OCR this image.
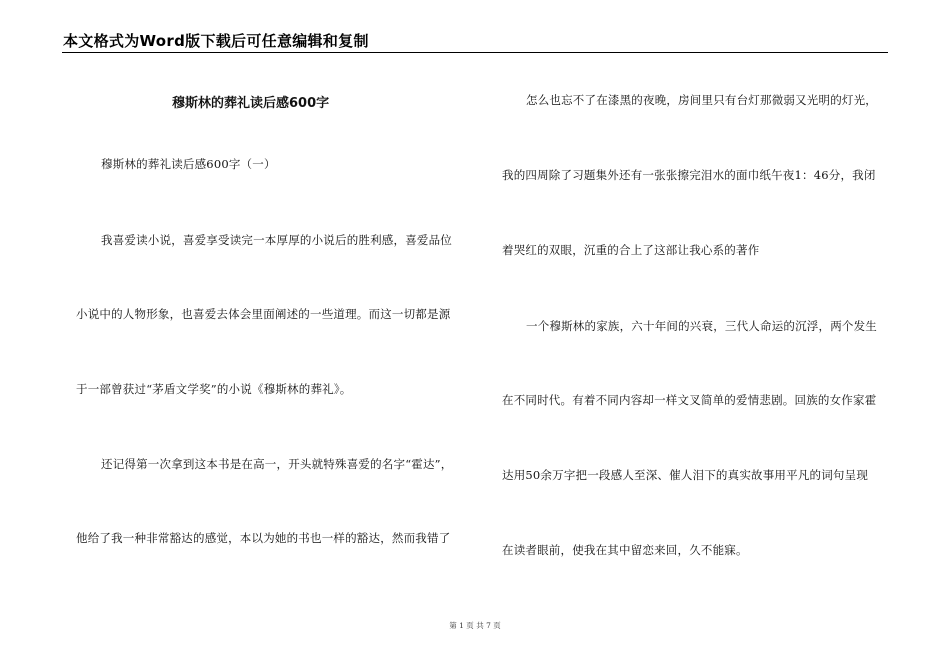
本文格式为Word版下载后可任意编辑和复制
穆斯林的葬礼读后感600字
穆斯林的葬礼读后感600字（一）
我喜爱读小说，喜爱享受读完一本厚厚的小说后的胜利感，喜爱品位
小说中的人物形象，也喜爱去体会里面阐述的一些道理。而这一切都是源
于一部曾获过“茅盾文学奖”的小说《穆斯林的葬礼》。
还记得第一次拿到这本书是在高一，开头就特殊喜爱的名字“霍达”，
他给了我一种非常豁达的感觉，本以为她的书也一样的豁达，然而我错了
怎么也忘不了在漆黑的夜晚，房间里只有台灯那微弱又光明的灯光，
我的四周除了习题集外还有一张张擦完泪水的面巾纸午夜1：46分，我闭
着哭红的双眼，沉重的合上了这部让我心系的著作
一个穆斯林的家族，六十年间的兴衰，三代人命运的沉浮，两个发生
在不同时代。有着不同内容却一样文叉简单的爱情悲剧。回族的女作家霍
达用50余万字把一段感人至深、催人泪下的真实故事用平凡的词句呈现
在读者眼前，使我在其中留恋来回，久不能寐。
第 1 页 共 7 页
